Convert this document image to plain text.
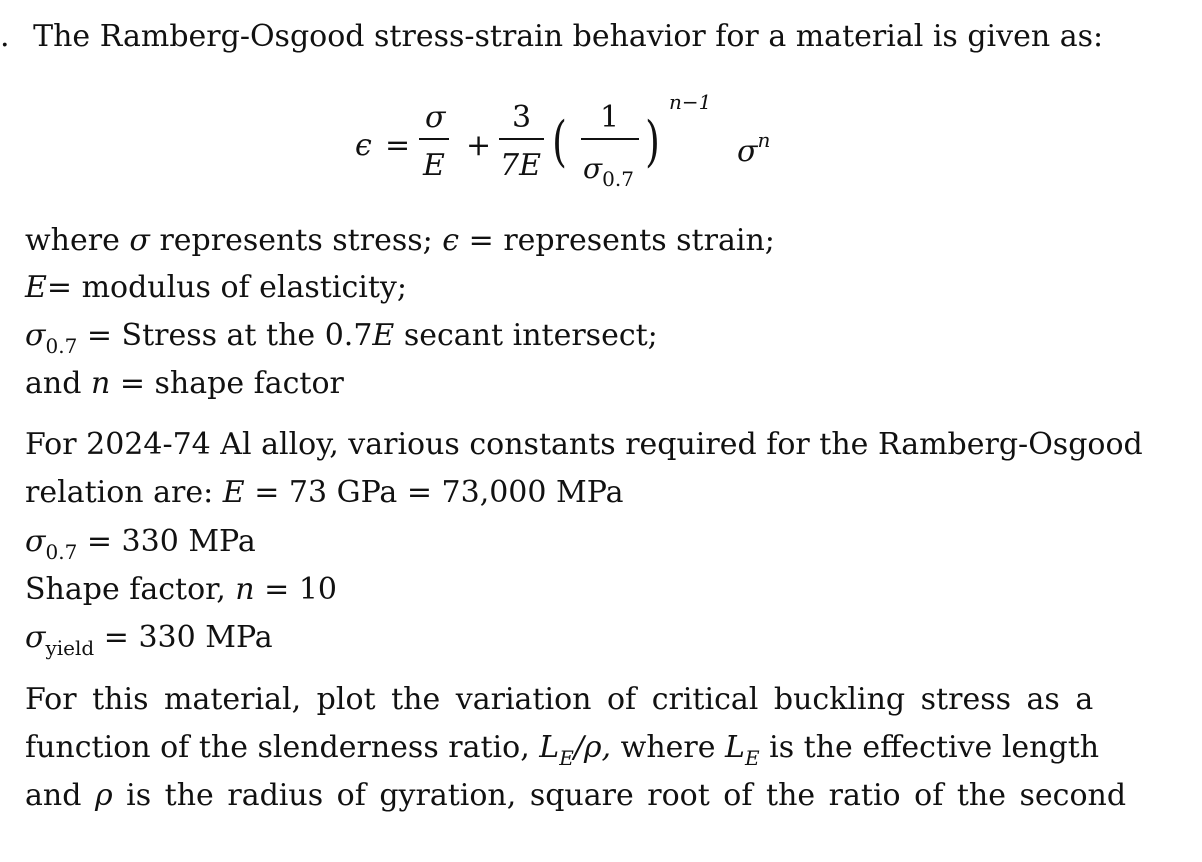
. The Ramberg-Osgood stress-strain behavior for a material is given as:
ϵ =
σ
E
+
3
7E ( 1
$\sigma_{0.7}$
)
n−1
$\sigma^n$
where σ represents stress; ϵ = represents strain;
E= modulus of elasticity;
$\sigma_{0.7}$ = Stress at the 0.7E secant intersect;
and n = shape factor
For 2024-74 Al alloy, various constants required for the Ramberg-Osgood
relation are: E = 73 GPa = 73,000 MPa
$\sigma_{0.7} = 330$ MPa
Shape factor, n = 10
$\sigma_{yield} = 330$ MPa
For this material, plot the variation of critical buckling stress as a
function of the slenderness ratio, $L_E/\rho$, where $L_E$ is the effective length
and ρ is the radius of gyration, square root of the ratio of the second
